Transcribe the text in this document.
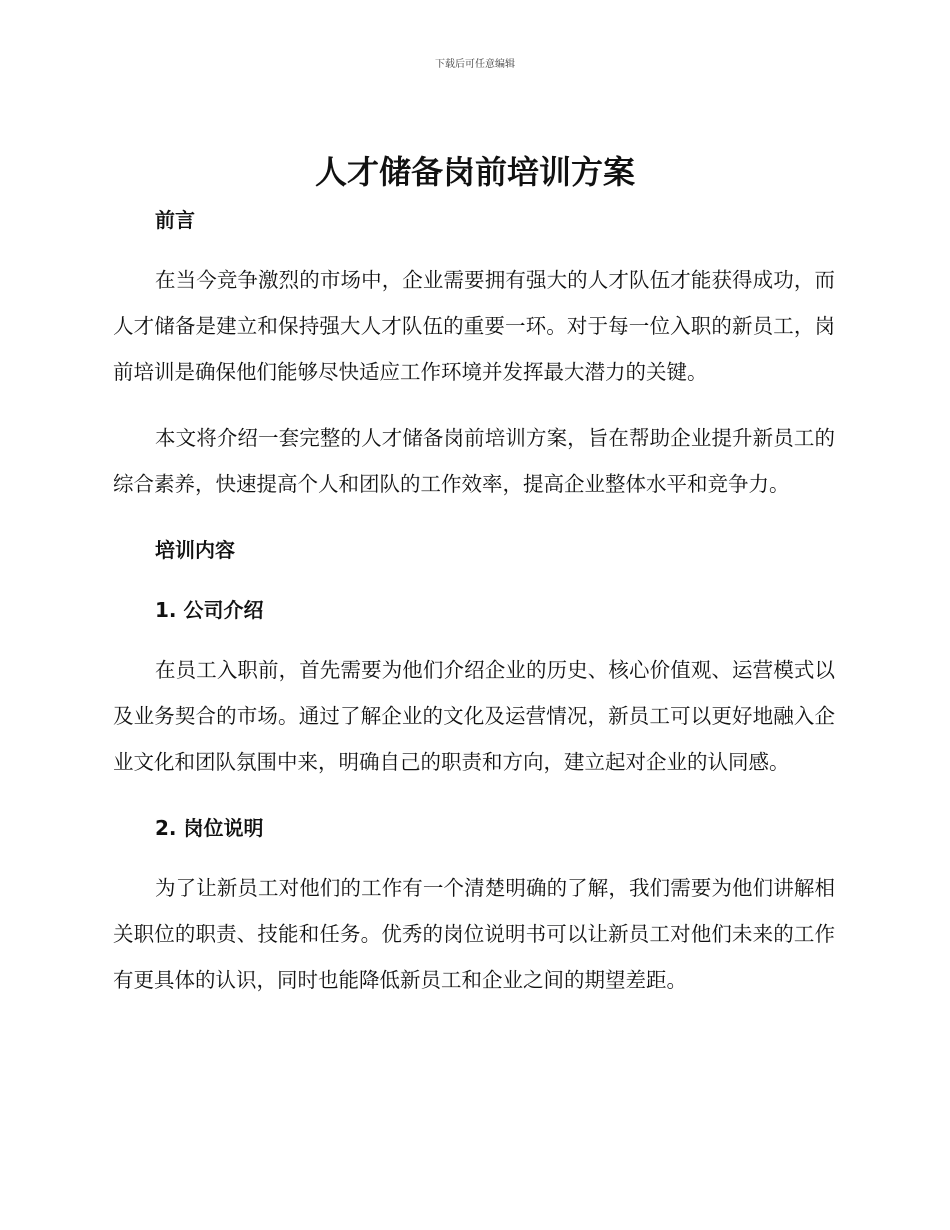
下载后可任意编辑
人才储备岗前培训方案
前言

在当今竞争激烈的市场中，企业需要拥有强大的人才队伍才能获得成功，而人才储备是建立和保持强大人才队伍的重要一环。对于每一位入职的新员工，岗前培训是确保他们能够尽快适应工作环境并发挥最大潜力的关键。

本文将介绍一套完整的人才储备岗前培训方案，旨在帮助企业提升新员工的综合素养，快速提高个人和团队的工作效率，提高企业整体水平和竞争力。

培训内容
1. 公司介绍

在员工入职前，首先需要为他们介绍企业的历史、核心价值观、运营模式以及业务契合的市场。通过了解企业的文化及运营情况，新员工可以更好地融入企业文化和团队氛围中来，明确自己的职责和方向，建立起对企业的认同感。

2. 岗位说明

为了让新员工对他们的工作有一个清楚明确的了解，我们需要为他们讲解相关职位的职责、技能和任务。优秀的岗位说明书可以让新员工对他们未来的工作有更具体的认识，同时也能降低新员工和企业之间的期望差距。
